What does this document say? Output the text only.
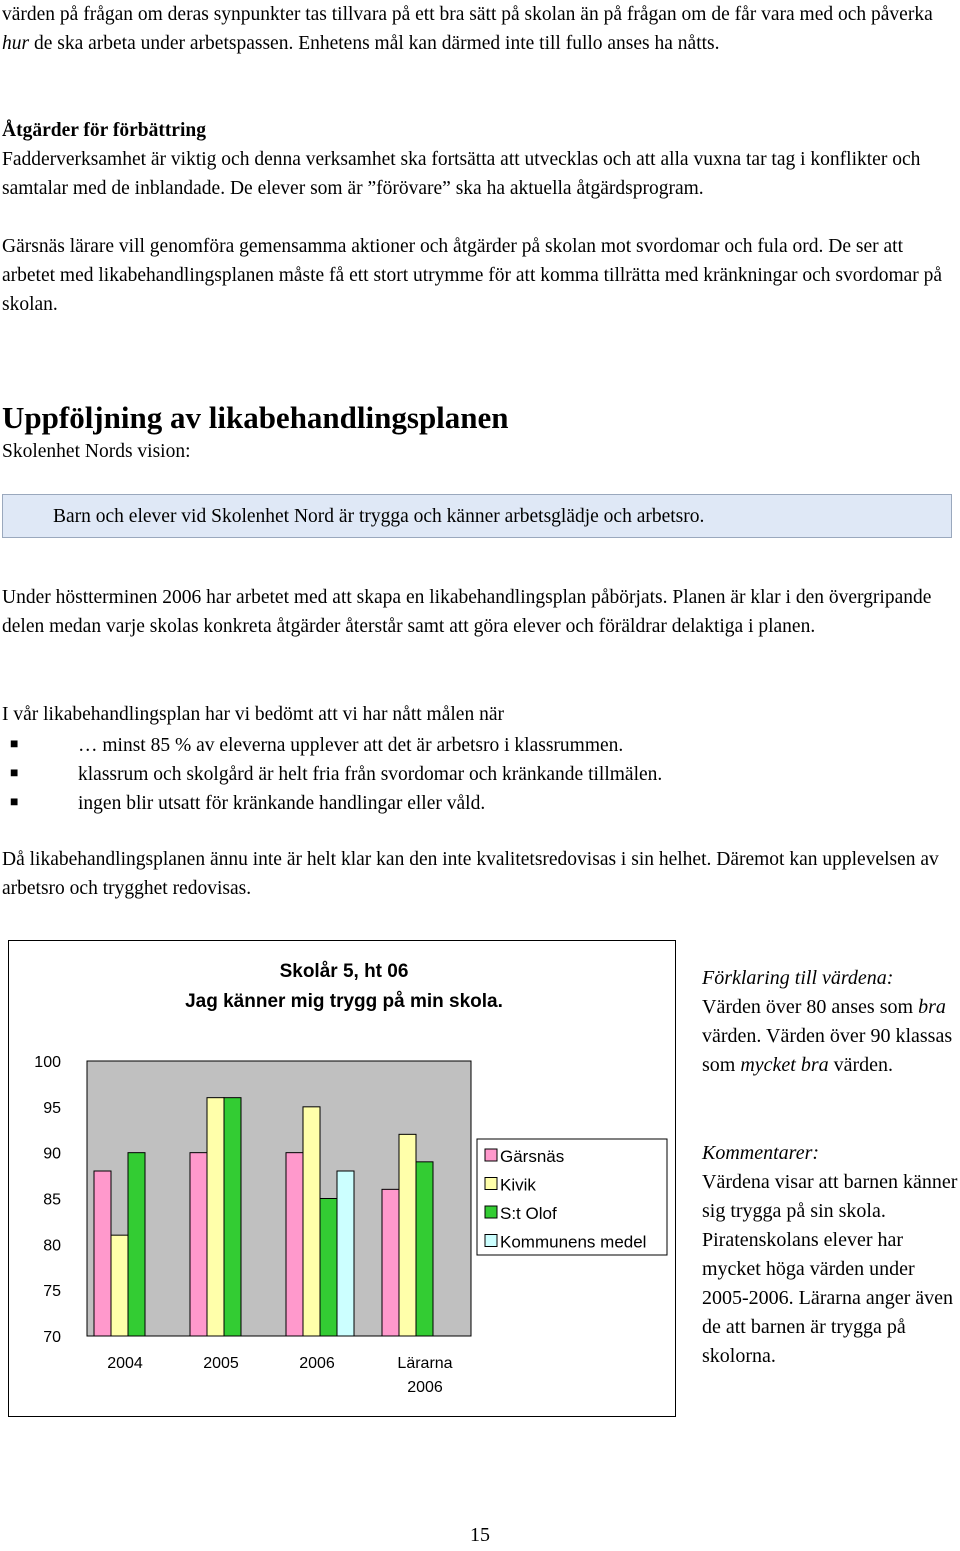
värden på frågan om deras synpunkter tas tillvara på ett bra sätt på skolan än på frågan om de får vara med och påverka hur de ska arbeta under arbetspassen. Enhetens mål kan därmed inte till fullo anses ha nåtts.

Åtgärder för förbättring

Fadderverksamhet är viktig och denna verksamhet ska fortsätta att utvecklas och att alla vuxna tar tag i konflikter och samtalar med de inblandade. De elever som är ”förövare” ska ha aktuella åtgärdsprogram.

Gärsnäs lärare vill genomföra gemensamma aktioner och åtgärder på skolan mot svordomar och fula ord. De ser att arbetet med likabehandlingsplanen måste få ett stort utrymme för att komma tillrätta med kränkningar och svordomar på skolan.

Uppföljning av likabehandlingsplanen

Skolenhet Nords vision:

Barn och elever vid Skolenhet Nord är trygga och känner arbetsglädje och arbetsro.

Under höstterminen 2006 har arbetet med att skapa en likabehandlingsplan påbörjats. Planen är klar i den övergripande delen medan varje skolas konkreta åtgärder återstår samt att göra elever och föräldrar delaktiga i planen.

I vår likabehandlingsplan har vi bedömt att vi har nått målen när

■	… minst 85 % av eleverna upplever att det är arbetsro i klassrummen.
■	klassrum och skolgård är helt fria från svordomar och kränkande tillmälen.
■	ingen blir utsatt för kränkande handlingar eller våld.

Då likabehandlingsplanen ännu inte är helt klar kan den inte kvalitetsredovisas i sin helhet. Däremot kan upplevelsen av arbetsro och trygghet redovisas.

Skolår 5, ht 06
Jag känner mig trygg på min skola.
100
95
90
85
80
75
70
2004	2005	2006	Lärarna
2006
Gärsnäs
Kivik
S:t Olof
Kommunens medel

Förklaring till värdena:
Värden över 80 anses som bra värden. Värden över 90 klassas som mycket bra värden.

Kommentarer:
Värdena visar att barnen känner sig trygga på sin skola. Piratenskolans elever har mycket höga värden under 2005-2006. Lärarna anger även de att barnen är trygga på skolorna.

15
